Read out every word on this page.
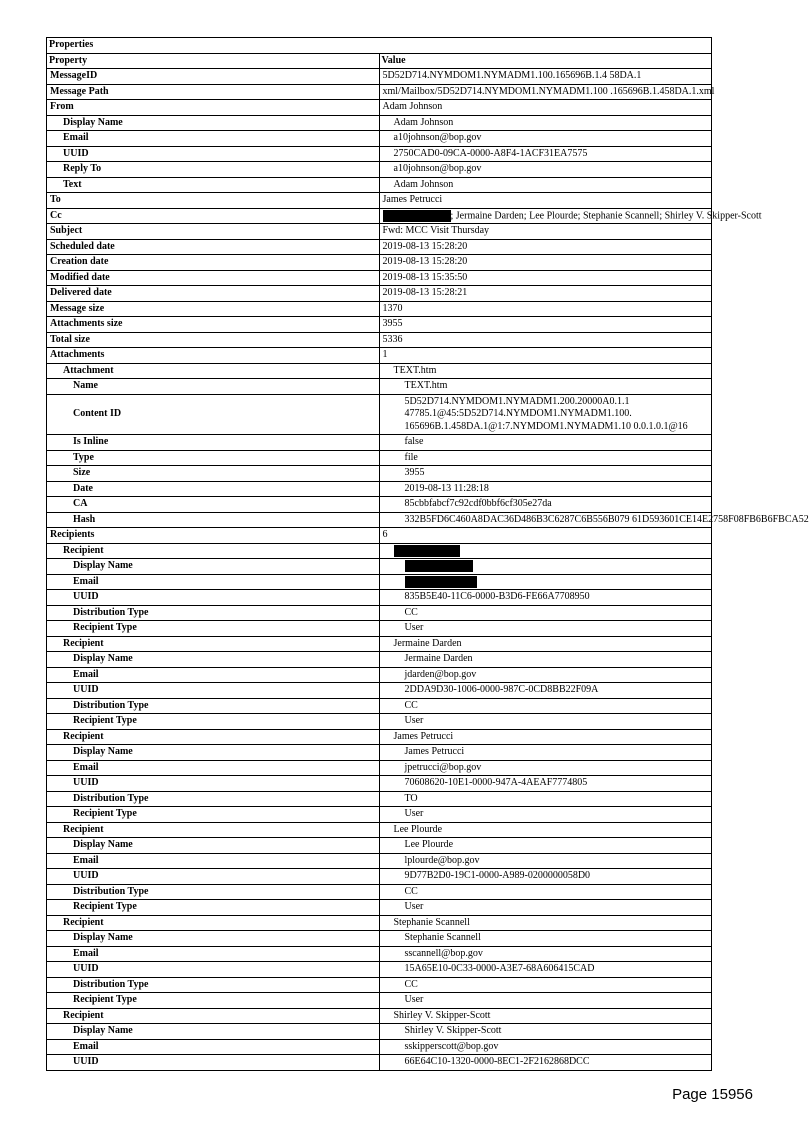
Properties	
Property	Value
MessageID	5D52D714.NYMDOM1.NYMADM1.100.165696B.1.4 58DA.1
Message Path	xml/Mailbox/5D52D714.NYMDOM1.NYMADM1.100 .165696B.1.458DA.1.xml
From	Adam Johnson
Display Name	Adam Johnson
Email	a10johnson@bop.gov
UUID	2750CAD0-09CA-0000-A8F4-1ACF31EA7575
Reply To	a10johnson@bop.gov
Text	Adam Johnson
To	James Petrucci
Cc	; Jermaine Darden; Lee Plourde; Stephanie Scannell; Shirley V. Skipper-Scott
Subject	Fwd: MCC Visit Thursday
Scheduled date	2019-08-13 15:28:20
Creation date	2019-08-13 15:28:20
Modified date	2019-08-13 15:35:50
Delivered date	2019-08-13 15:28:21
Message size	1370
Attachments size	3955
Total size	5336
Attachments	1
Attachment	TEXT.htm
Name	TEXT.htm
Content ID	5D52D714.NYMDOM1.NYMADM1.200.20000A0.1.1 47785.1@45:5D52D714.NYMDOM1.NYMADM1.100. 165696B.1.458DA.1@1:7.NYMDOM1.NYMADM1.10 0.0.1.0.1@16
Is Inline	false
Type	file
Size	3955
Date	2019-08-13 11:28:18
CA	85cbbfabcf7c92cdf0bbf6cf305e27da
Hash	332B5FD6C460A8DAC36D486B3C6287C6B556B079 61D593601CE14E2758F08FB6B6FBCA52
Recipients	6
Recipient	
Display Name	
Email	
UUID	835B5E40-11C6-0000-B3D6-FE66A7708950
Distribution Type	CC
Recipient Type	User
Recipient	Jermaine Darden
Display Name	Jermaine Darden
Email	jdarden@bop.gov
UUID	2DDA9D30-1006-0000-987C-0CD8BB22F09A
Distribution Type	CC
Recipient Type	User
Recipient	James Petrucci
Display Name	James Petrucci
Email	jpetrucci@bop.gov
UUID	70608620-10E1-0000-947A-4AEAF7774805
Distribution Type	TO
Recipient Type	User
Recipient	Lee Plourde
Display Name	Lee Plourde
Email	lplourde@bop.gov
UUID	9D77B2D0-19C1-0000-A989-0200000058D0
Distribution Type	CC
Recipient Type	User
Recipient	Stephanie Scannell
Display Name	Stephanie Scannell
Email	sscannell@bop.gov
UUID	15A65E10-0C33-0000-A3E7-68A606415CAD
Distribution Type	CC
Recipient Type	User
Recipient	Shirley V. Skipper-Scott
Display Name	Shirley V. Skipper-Scott
Email	sskipperscott@bop.gov
UUID	66E64C10-1320-0000-8EC1-2F2162868DCC
Page 15956
